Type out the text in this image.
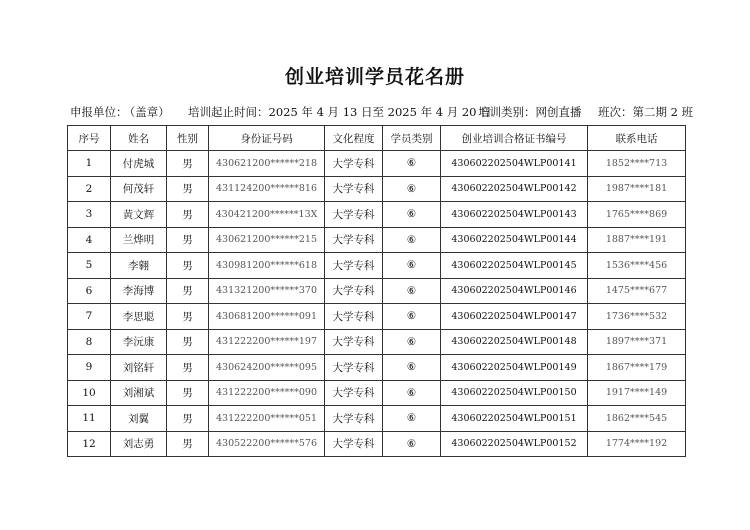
创业培训学员花名册
申报单位： （盖章） 培训起止时间：2025 年 4 月 13 日至 2025 年 4 月 20 日
培训类别：网创直播 班次：第二期 2 班
序号	姓名	性别	身份证号码	文化程度	学员类别	创业培训合格证书编号	联系电话
1	付虎城	男	430621200******218	大学专科	⑥	430602202504WLP00141	1852****713
2	何茂轩	男	431124200******816	大学专科	⑥	430602202504WLP00142	1987****181
3	黄文辉	男	430421200******13X	大学专科	⑥	430602202504WLP00143	1765****869
4	兰烨明	男	430621200******215	大学专科	⑥	430602202504WLP00144	1887****191
5	李翱	男	430981200******618	大学专科	⑥	430602202504WLP00145	1536****456
6	李海博	男	431321200******370	大学专科	⑥	430602202504WLP00146	1475****677
7	李思聪	男	430681200******091	大学专科	⑥	430602202504WLP00147	1736****532
8	李沅康	男	431222200******197	大学专科	⑥	430602202504WLP00148	1897****371
9	刘铭轩	男	430624200******095	大学专科	⑥	430602202504WLP00149	1867****179
10	刘湘斌	男	431222200******090	大学专科	⑥	430602202504WLP00150	1917****149
11	刘翼	男	431222200******051	大学专科	⑥	430602202504WLP00151	1862****545
12	刘志勇	男	430522200******576	大学专科	⑥	430602202504WLP00152	1774****192
